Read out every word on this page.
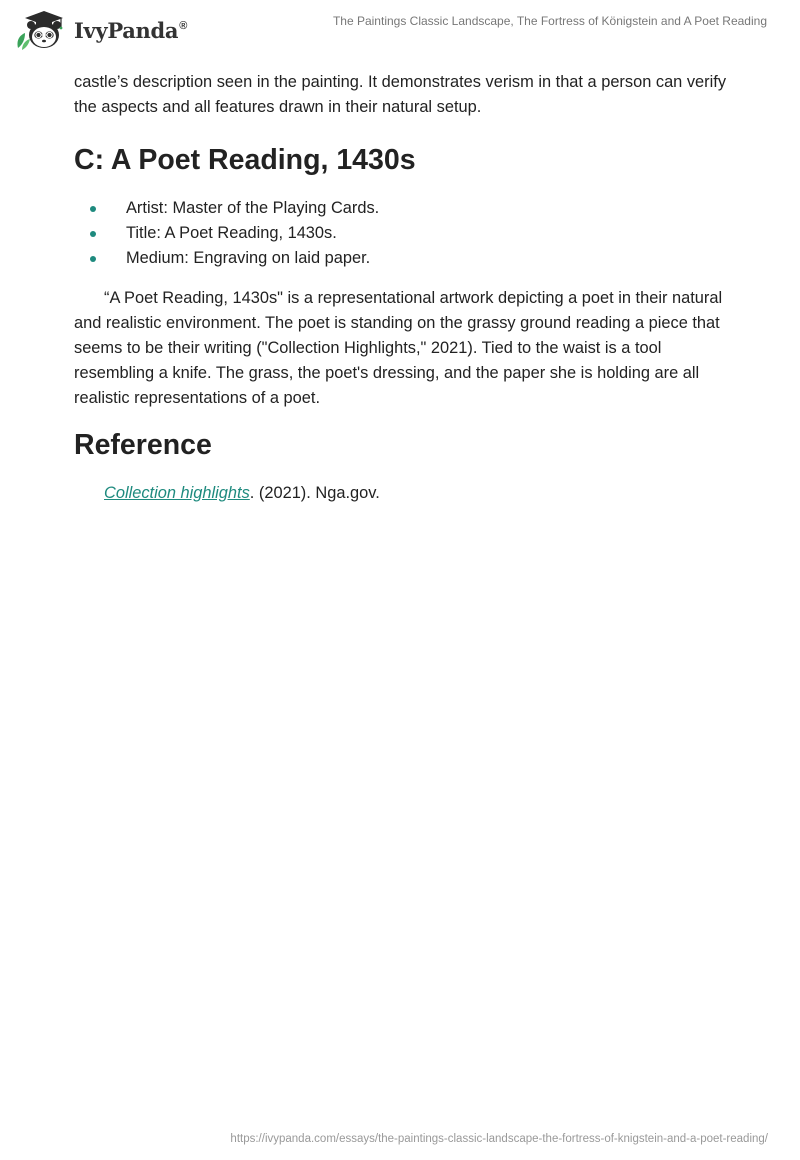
IvyPanda®	The Paintings Classic Landscape, The Fortress of Königstein and A Poet Reading

castle’s description seen in the painting. It demonstrates verism in that a person can verify the aspects and all features drawn in their natural setup.

C: A Poet Reading, 1430s
Artist: Master of the Playing Cards.
Title: A Poet Reading, 1430s.
Medium: Engraving on laid paper.

“A Poet Reading, 1430s" is a representational artwork depicting a poet in their natural and realistic environment. The poet is standing on the grassy ground reading a piece that seems to be their writing ("Collection Highlights," 2021). Tied to the waist is a tool resembling a knife. The grass, the poet's dressing, and the paper she is holding are all realistic representations of a poet.

Reference
Collection highlights. (2021). Nga.gov.
https://ivypanda.com/essays/the-paintings-classic-landscape-the-fortress-of-knigstein-and-a-poet-reading/
